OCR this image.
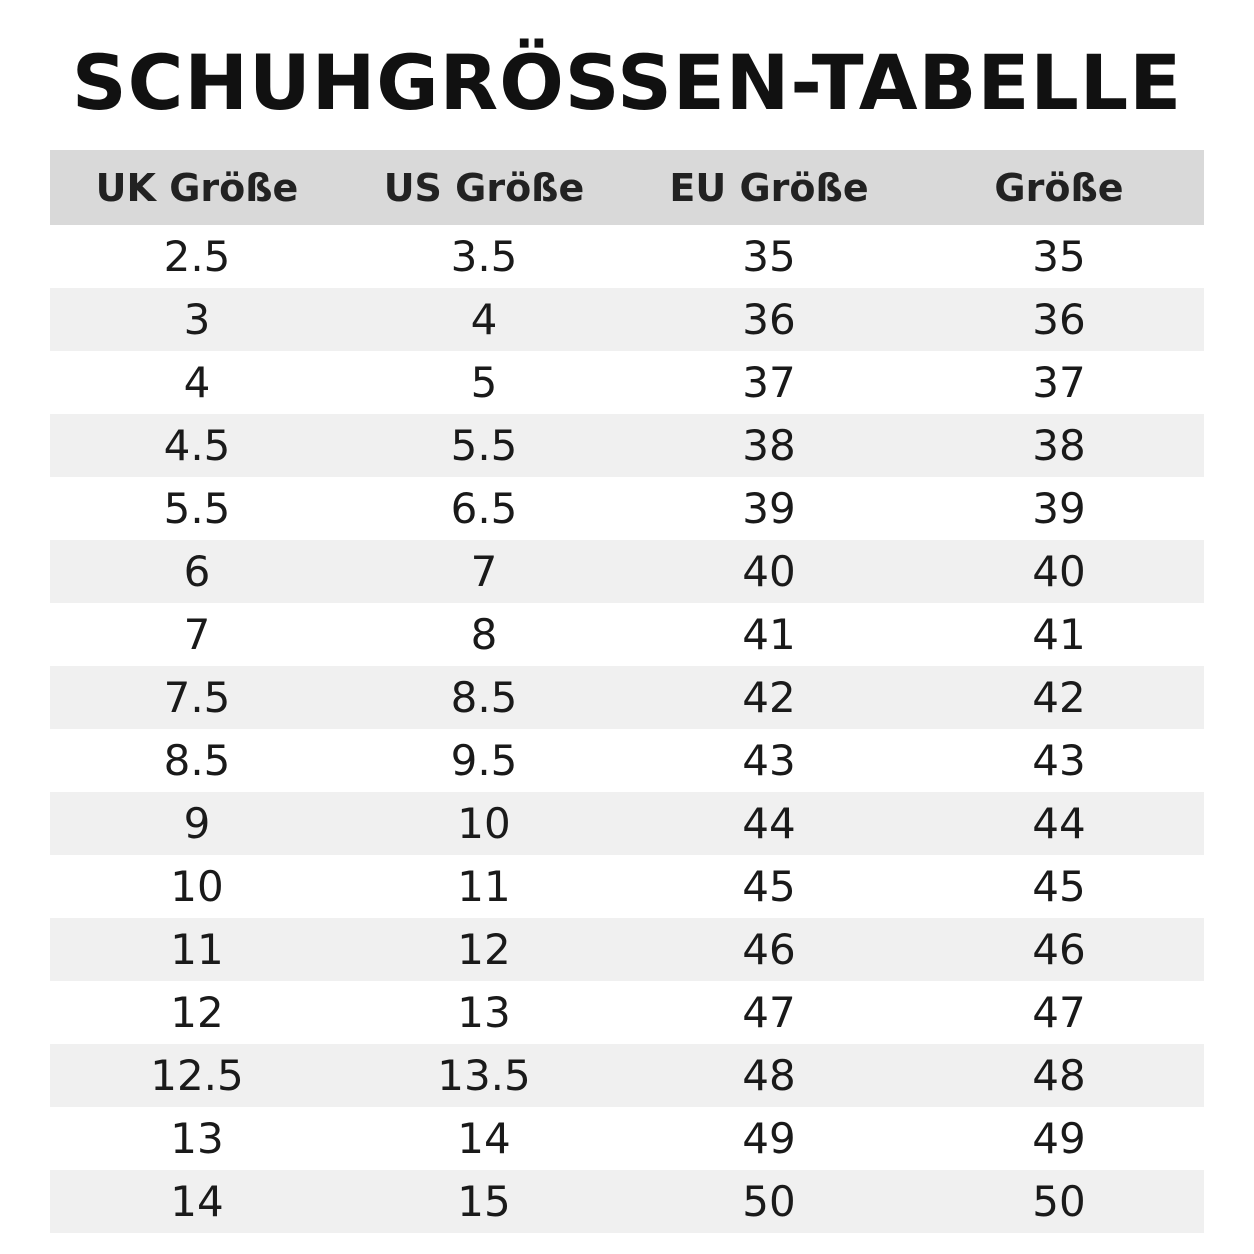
SCHUHGRÖSSEN-TABELLE
UK Größe	US Größe	EU Größe	Größe
2.5	3.5	35	35
3	4	36	36
4	5	37	37
4.5	5.5	38	38
5.5	6.5	39	39
6	7	40	40
7	8	41	41
7.5	8.5	42	42
8.5	9.5	43	43
9	10	44	44
10	11	45	45
11	12	46	46
12	13	47	47
12.5	13.5	48	48
13	14	49	49
14	15	50	50
